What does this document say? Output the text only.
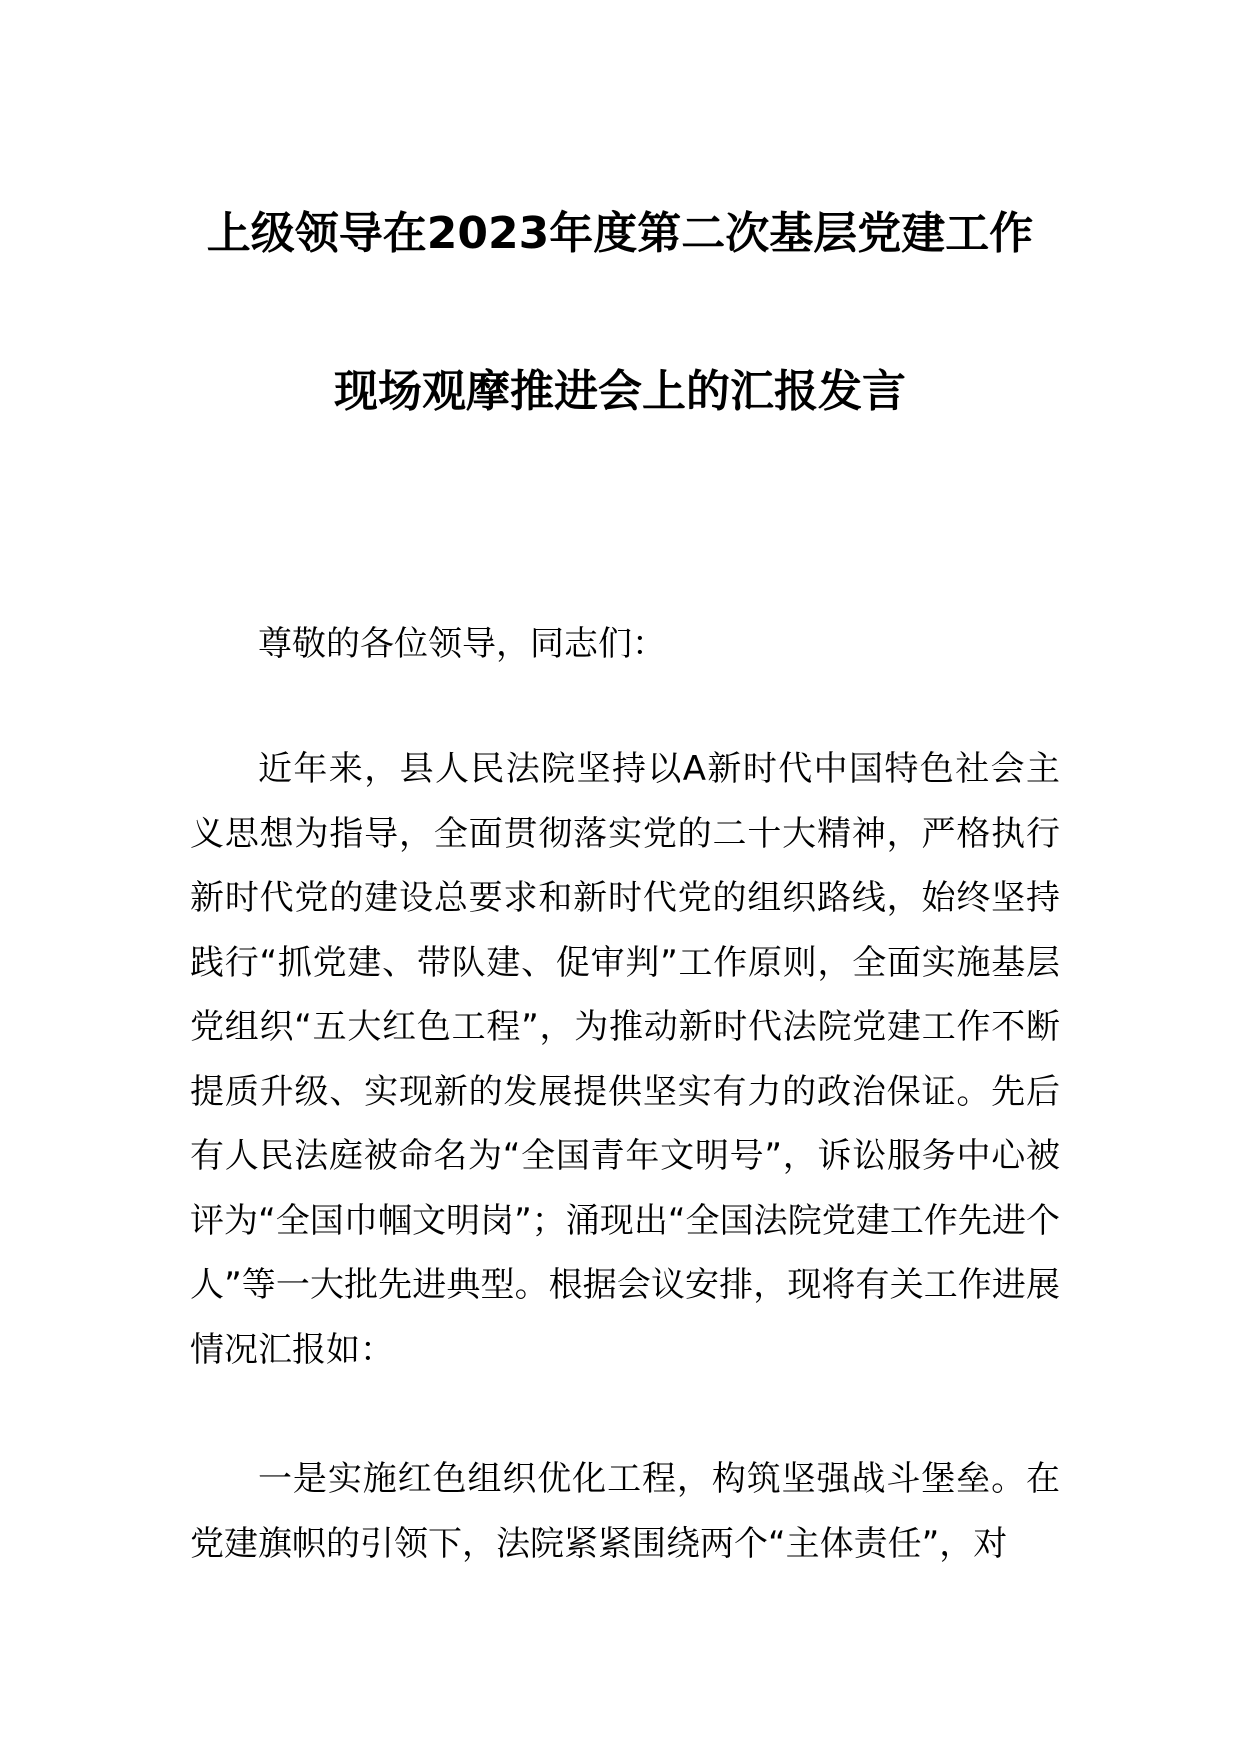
上级领导在2023年度第二次基层党建工作
现场观摩推进会上的汇报发言
尊敬的各位领导，同志们：
近年来，县人民法院坚持以A新时代中国特色社会主义思想为指导，全面贯彻落实党的二十大精神，严格执行新时代党的建设总要求和新时代党的组织路线，始终坚持践行“抓党建、带队建、促审判”工作原则，全面实施基层党组织“五大红色工程”，为推动新时代法院党建工作不断提质升级、实现新的发展提供坚实有力的政治保证。先后有人民法庭被命名为“全国青年文明号”，诉讼服务中心被评为“全国巾帼文明岗”；涌现出“全国法院党建工作先进个人”等一大批先进典型。根据会议安排，现将有关工作进展情况汇报如：
一是实施红色组织优化工程，构筑坚强战斗堡垒。在党建旗帜的引领下，法院紧紧围绕两个“主体责任”，对
